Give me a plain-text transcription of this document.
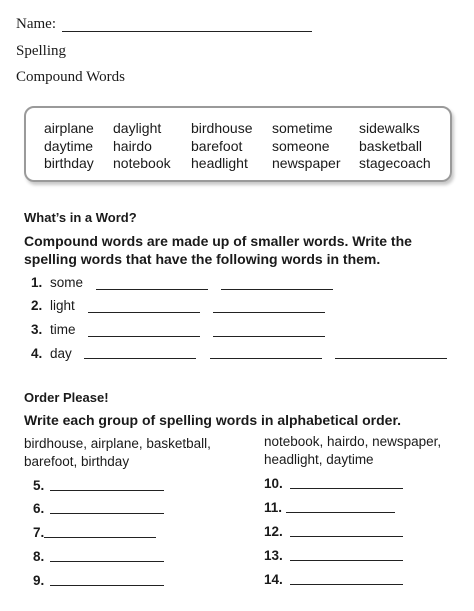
Name:
Spelling
Compound Words
airplane
daytime
birthday
daylight
hairdo
notebook
birdhouse
barefoot
headlight
sometime
someone
newspaper
sidewalks
basketball
stagecoach
What’s in a Word?
Compound words are made up of smaller words. Write the
spelling words that have the following words in them.
1. some
2. light
3. time
4. day
Order Please!
Write each group of spelling words in alphabetical order.
birdhouse, airplane, basketball,
barefoot, birthday
notebook, hairdo, newspaper,
headlight, daytime
5.
6.
7.
8.
9.
10.
11.
12.
13.
14.
